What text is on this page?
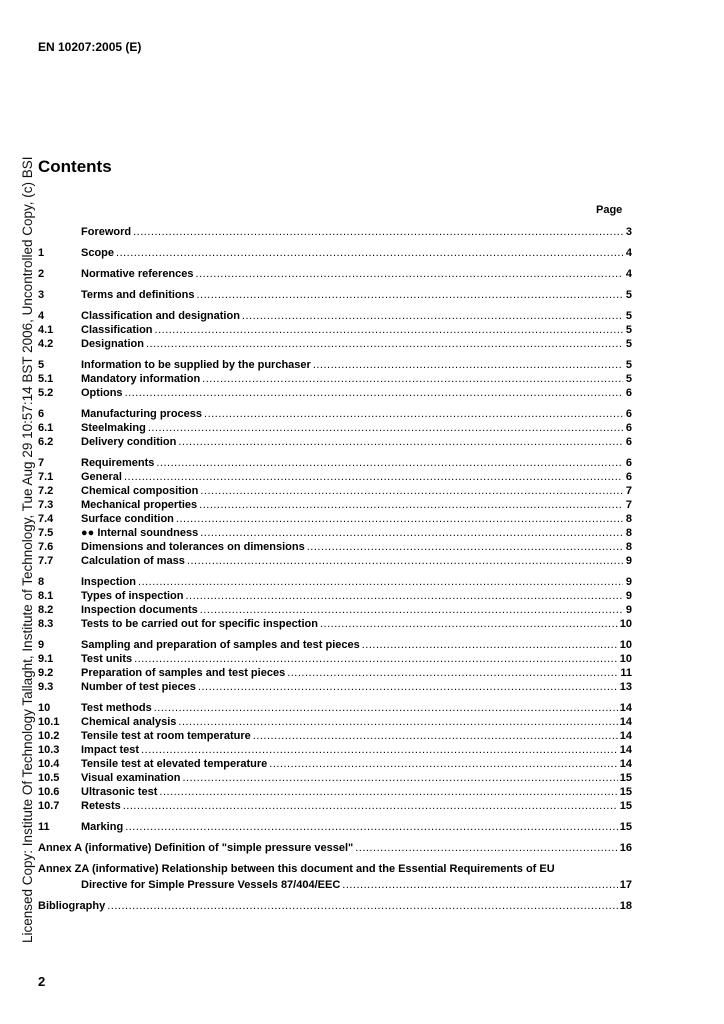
EN 10207:2005 (E)
Licensed Copy: Institute Of Technology Tallaght, Institute of Technology, Tue Aug 29 10:57:14 BST 2006, Uncontrolled Copy, (c) BSI Contents
Page
Foreword .....	3
1	Scope .....	4
2	Normative references .....	4
3	Terms and definitions .....	5
4	Classification and designation .....	5
4.1	Classification .....	5
4.2	Designation .....	5
5	Information to be supplied by the purchaser .....	5
5.1	Mandatory information .....	5
5.2	Options .....	6
6	Manufacturing process .....	6
6.1	Steelmaking .....	6
6.2	Delivery condition .....	6
7	Requirements .....	6
7.1	General .....	6
7.2	Chemical composition .....	7
7.3	Mechanical properties .....	7
7.4	Surface condition .....	8
7.5	●● Internal soundness .....	8
7.6	Dimensions and tolerances on dimensions .....	8
7.7	Calculation of mass .....	9
8	Inspection .....	9
8.1	Types of inspection .....	9
8.2	Inspection documents .....	9
8.3	Tests to be carried out for specific inspection .....	10
9	Sampling and preparation of samples and test pieces .....	10
9.1	Test units .....	10
9.2	Preparation of samples and test pieces .....	11
9.3	Number of test pieces .....	13
10	Test methods .....	14
10.1	Chemical analysis .....	14
10.2	Tensile test at room temperature .....	14
10.3	Impact test .....	14
10.4	Tensile test at elevated temperature .....	14
10.5	Visual examination .....	15
10.6	Ultrasonic test .....	15
10.7	Retests .....	15
11	Marking .....	15
Annex A (informative) Definition of "simple pressure vessel" .....	16
Annex ZA (informative) Relationship between this document and the Essential Requirements of EU
Directive for Simple Pressure Vessels 87/404/EEC .....	17
Bibliography .....	18
2
